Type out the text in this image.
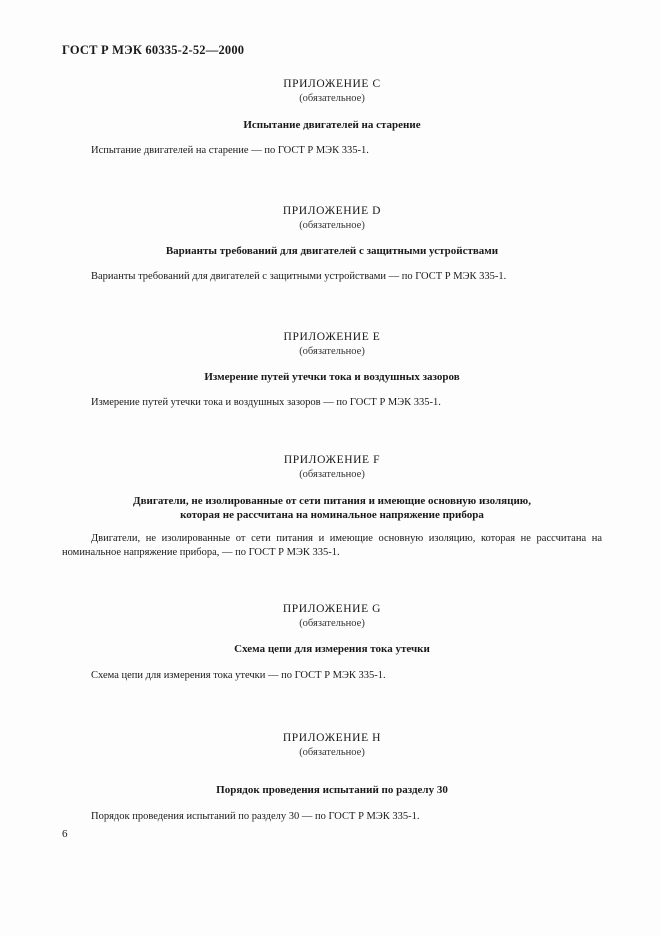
ГОСТ Р МЭК 60335-2-52—2000
ПРИЛОЖЕНИЕ С
(обязательное)
Испытание двигателей на старение

Испытание двигателей на старение — по ГОСТ Р МЭК 335-1.

ПРИЛОЖЕНИЕ D
(обязательное)
Варианты требований для двигателей с защитными устройствами

Варианты требований для двигателей с защитными устройствами — по ГОСТ Р МЭК 335-1.

ПРИЛОЖЕНИЕ Е
(обязательное)
Измерение путей утечки тока и воздушных зазоров

Измерение путей утечки тока и воздушных зазоров — по ГОСТ Р МЭК 335-1.

ПРИЛОЖЕНИЕ F
(обязательное)
Двигатели, не изолированные от сети питания и имеющие основную изоляцию,
которая не рассчитана на номинальное напряжение прибора

Двигатели, не изолированные от сети питания и имеющие основную изоляцию, которая не рассчитана на номинальное напряжение прибора, — по ГОСТ Р МЭК 335-1.

ПРИЛОЖЕНИЕ G
(обязательное)
Схема цепи для измерения тока утечки

Схема цепи для измерения тока утечки — по ГОСТ Р МЭК 335-1.

ПРИЛОЖЕНИЕ Н
(обязательное)
Порядок проведения испытаний по разделу 30

Порядок проведения испытаний по разделу 30 — по ГОСТ Р МЭК 335-1.

6
